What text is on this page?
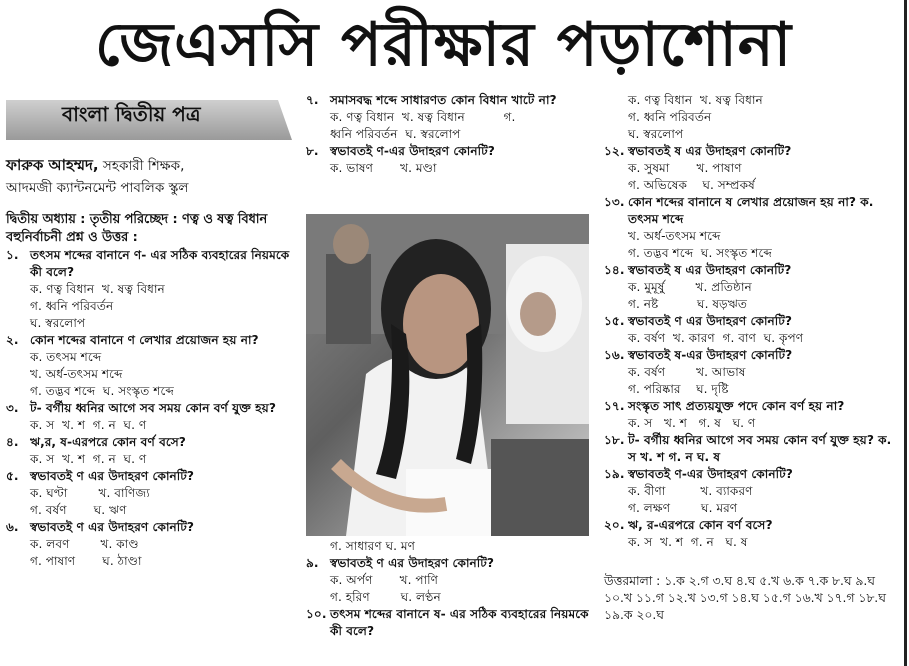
জেএসসি পরীক্ষার পড়াশোনা
বাংলা দ্বিতীয় পত্র
ফারুক আহম্মদ, সহকারী শিক্ষক,
আদমজী ক্যান্টনমেন্ট পাবলিক স্কুল
দ্বিতীয় অধ্যায় : তৃতীয় পরিচ্ছেদ : ণত্ব ও ষত্ব বিধান
বহুনির্বাচনী প্রশ্ন ও উত্তর :
১. তৎসম শব্দের বানানে ণ- এর সঠিক ব্যবহারের নিয়মকে কী বলে?
ক. ণত্ব বিধান  খ. ষত্ব বিধান
গ. ধ্বনি পরিবর্তন
ঘ. স্বরলোপ
২. কোন শব্দের বানানে ণ লেখার প্রয়োজন হয় না?
ক. তৎসম শব্দে
খ. অর্ধ-তৎসম শব্দে
গ. তদ্ভব শব্দে  ঘ. সংস্কৃত শব্দে
৩. ট- বর্গীয় ধ্বনির আগে সব সময় কোন বর্ণ যুক্ত হয়?
ক. স  খ. শ  গ. ন  ঘ. ণ
৪. ঋ,র, ষ-এরপরে কোন বর্ণ বসে?
ক. স  খ. শ  গ. ন  ঘ. ণ
৫. স্বভাবতই ণ এর উদাহরণ কোনটি?
ক. ঘণ্টা        খ. বাণিজ্য
গ. বর্ষণ       ঘ. ঋণ
৬. স্বভাবতই ণ এর উদাহরণ কোনটি?
ক. লবণ        খ. কাণ্ড
গ. পাষাণ       ঘ. ঠাণ্ডা
৭. সমাসবদ্ধ শব্দে সাধারণত কোন বিধান খাটে না?
ক. ণত্ব বিধান  খ. ষত্ব বিধান          গ.
ধ্বনি পরিবর্তন  ঘ. স্বরলোপ
৮. স্বভাবতই ণ-এর উদাহরণ কোনটি?
ক. ভাষণ       খ. মণ্ডা
গ. সাধারণ ঘ. মণ
৯. স্বভাবতই ণ এর উদাহরণ কোনটি?
ক. অর্পণ       খ. পাণি
গ. হরিণ        ঘ. লণ্ঠন
১০. তৎসম শব্দের বানানে ষ- এর সঠিক ব্যবহারের নিয়মকে কী বলে?
ক. ণত্ব বিধান  খ. ষত্ব বিধান
গ. ধ্বনি পরিবর্তন
ঘ. স্বরলোপ
১২. স্বভাবতই ষ এর উদাহরণ কোনটি?
ক. সুষমা       খ. পাষাণ
গ. অভিষেক    ঘ. সম্প্রকর্ষ
১৩. কোন শব্দের বানানে ষ লেখার প্রয়োজন হয় না? ক. তৎসম শব্দে
খ. অর্ধ-তৎসম শব্দে
গ. তদ্ভব শব্দে  ঘ. সংস্কৃত শব্দে
১৪. স্বভাবতই ষ এর উদাহরণ কোনটি?
ক. মুমূর্ষু        খ. প্রতিষ্ঠান
গ. নষ্ট          ঘ. ষড়ঋত
১৫. স্বভাবতই ণ এর উদাহরণ কোনটি?
ক. বর্ষণ  খ. কারণ  গ. বাণ  ঘ. কৃপণ
১৬. স্বভাবতই ষ-এর উদাহরণ কোনটি?
ক. বর্ষণ        খ. আভাষ
গ. পরিষ্কার    ঘ. দৃষ্টি
১৭. সংস্কৃত সাৎ প্রত্যয়যুক্ত পদে কোন বর্ণ হয় না?
ক. স   খ. শ   গ. ষ   ঘ. ণ
১৮. ট- বর্গীয় ধ্বনির আগে সব সময় কোন বর্ণ যুক্ত হয়? ক. স খ. শ গ. ন ঘ. ষ
১৯. স্বভাবতই ণ-এর উদাহরণ কোনটি?
ক. বীণা         খ. ব্যাকরণ
গ. লক্ষণ        ঘ. মরণ
২০. ঋ, র-এরপরে কোন বর্ণ বসে?
ক. স  খ. শ  গ. ন   ঘ. ষ
উত্তরমালা : ১.ক ২.গ ৩.ঘ ৪.ঘ ৫.খ ৬.ক ৭.ক ৮.ঘ ৯.ঘ ১০.খ ১১.গ ১২.খ ১৩.গ ১৪.ঘ ১৫.গ ১৬.খ ১৭.গ ১৮.ঘ ১৯.ক ২০.ঘ
